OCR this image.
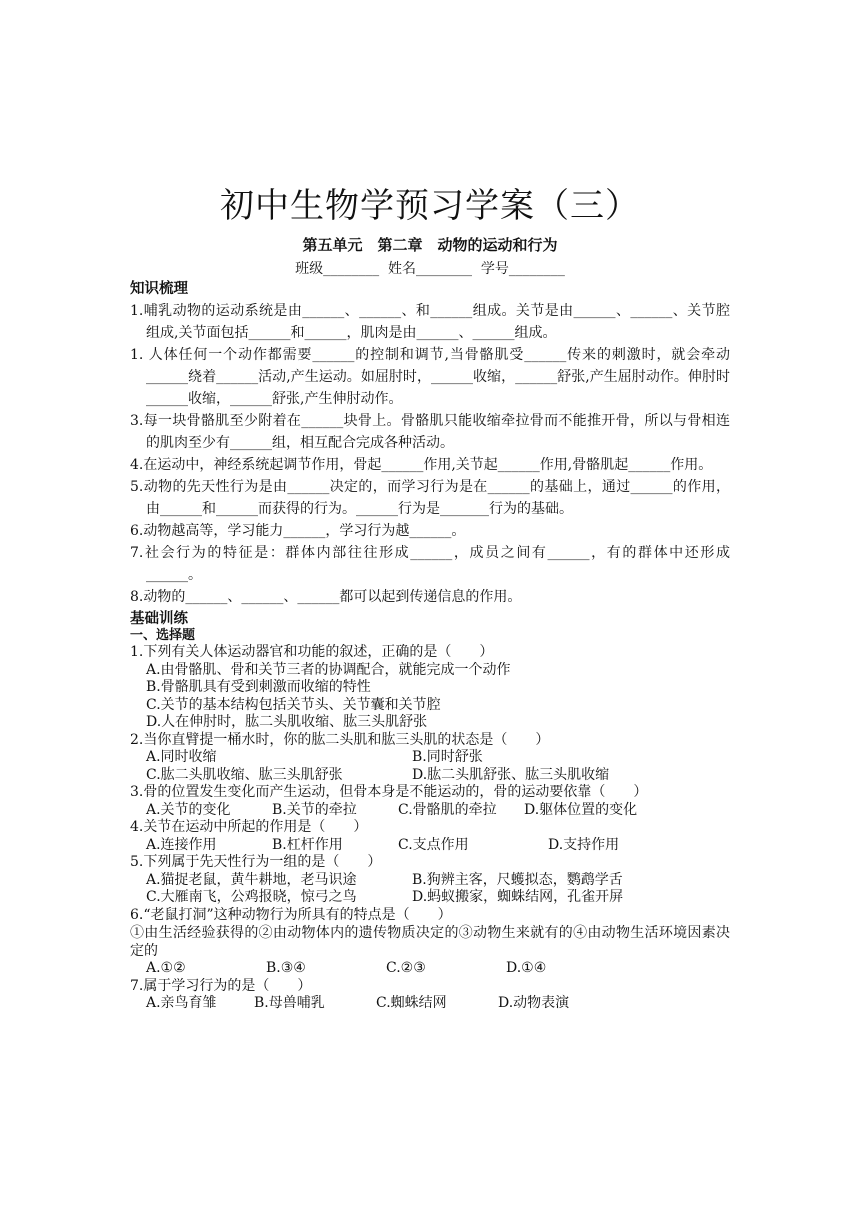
初中生物学预习学案（三）
第五单元　第二章　动物的运动和行为
班级________  姓名________  学号________
知识梳理
1.哺乳动物的运动系统是由______、______、和______组成。关节是由______、______、关节腔组成,关节面包括______和______，肌肉是由______、______组成。
1. 人体任何一个动作都需要______的控制和调节,当骨骼肌受______传来的刺激时，就会牵动______绕着______活动,产生运动。如屈肘时，______收缩，______舒张,产生屈肘动作。伸肘时______收缩，______舒张,产生伸肘动作。
3.每一块骨骼肌至少附着在______块骨上。骨骼肌只能收缩牵拉骨而不能推开骨，所以与骨相连的肌肉至少有______组，相互配合完成各种活动。
4.在运动中，神经系统起调节作用，骨起______作用,关节起______作用,骨骼肌起______作用。
5.动物的先天性行为是由______决定的，而学习行为是在______的基础上，通过______的作用，由______和______而获得的行为。______行为是_______行为的基础。
6.动物越高等，学习能力______，学习行为越______。
7.社会行为的特征是：群体内部往往形成______，成员之间有______，有的群体中还形成______。
8.动物的______、______、______都可以起到传递信息的作用。
基础训练
一、选择题
1.下列有关人体运动器官和功能的叙述，正确的是（　　）
A.由骨骼肌、骨和关节三者的协调配合，就能完成一个动作
B.骨骼肌具有受到刺激而收缩的特性
C.关节的基本结构包括关节头、关节囊和关节腔
D.人在伸肘时，肱二头肌收缩、肱三头肌舒张
2.当你直臂提一桶水时，你的肱二头肌和肱三头肌的状态是（　　）
A.同时收缩	B.同时舒张
C.肱二头肌收缩、肱三头肌舒张	D.肱二头肌舒张、肱三头肌收缩
3.骨的位置发生变化而产生运动，但骨本身是不能运动的，骨的运动要依靠（　　）
A.关节的变化	B.关节的牵拉	C.骨骼肌的牵拉	D.躯体位置的变化
4.关节在运动中所起的作用是（　　）
A.连接作用	B.杠杆作用	C.支点作用	D.支持作用
5.下列属于先天性行为一组的是（　　）
A.猫捉老鼠，黄牛耕地，老马识途	B.狗辨主客，尺蠖拟态，鹦鹉学舌
C.大雁南飞，公鸡报晓，惊弓之鸟	D.蚂蚁搬家，蜘蛛结网，孔雀开屏
6.“老鼠打洞”这种动物行为所具有的特点是（　　）
①由生活经验获得的②由动物体内的遗传物质决定的③动物生来就有的④由动物生活环境因素决定的
A.①②	B.③④	C.②③	D.①④
7.属于学习行为的是（　　）
A.亲鸟育雏	B.母兽哺乳	C.蜘蛛结网	D.动物表演
